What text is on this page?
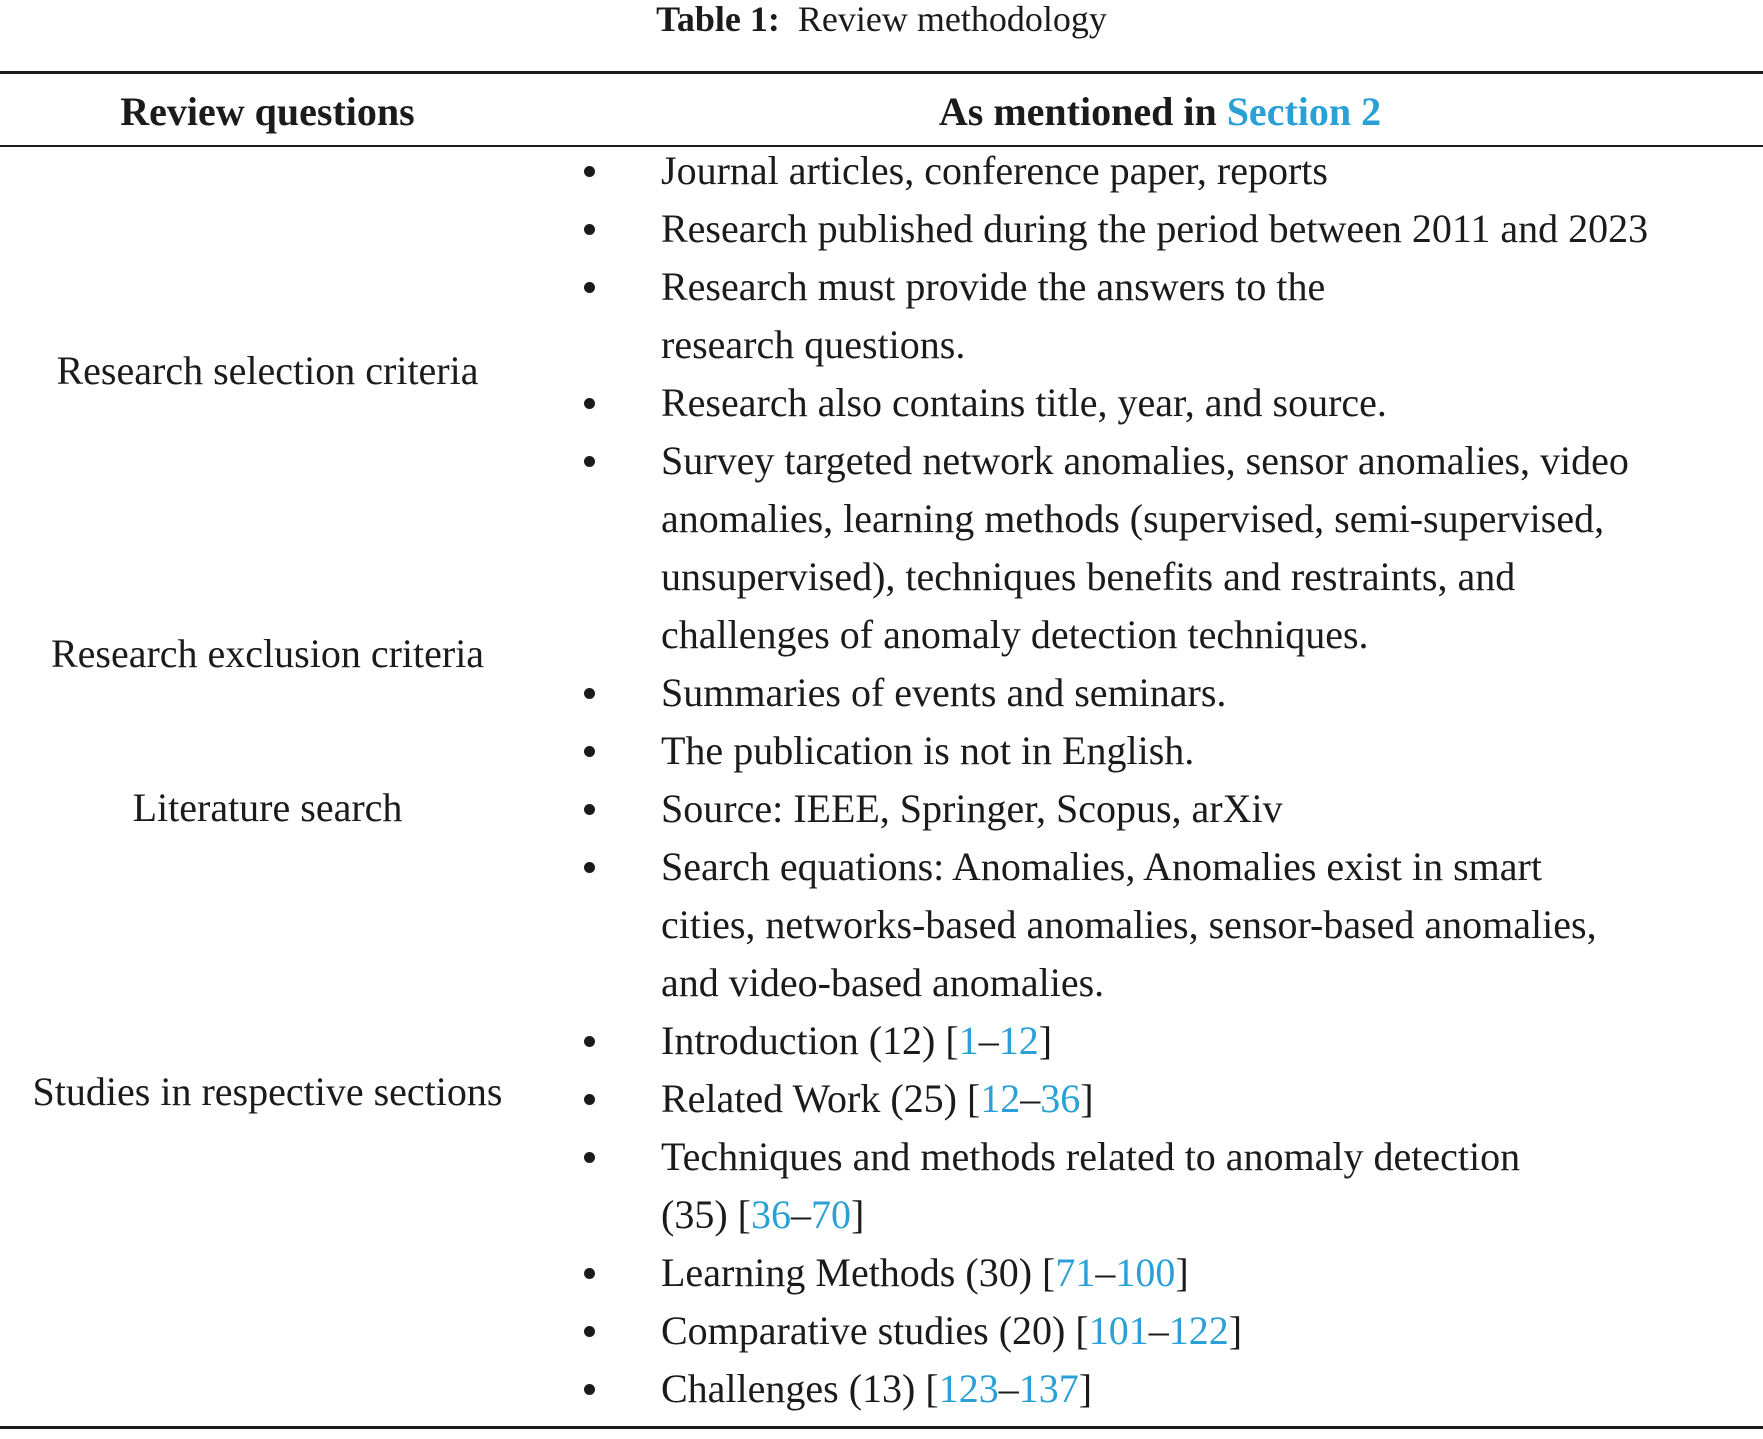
Table 1: Review methodology
Review questions	As mentioned in Section 2
Research selection criteria
Research exclusion criteria
Literature search
Studies in respective sections
Journal articles, conference paper, reports
Research published during the period between 2011 and 2023
Research must provide the answers to the
research questions.
Research also contains title, year, and source.
Survey targeted network anomalies, sensor anomalies, video
anomalies, learning methods (supervised, semi-supervised,
unsupervised), techniques benefits and restraints, and
challenges of anomaly detection techniques.
Summaries of events and seminars.
The publication is not in English.
Source: IEEE, Springer, Scopus, arXiv
Search equations: Anomalies, Anomalies exist in smart
cities, networks-based anomalies, sensor-based anomalies,
and video-based anomalies.
Introduction (12) [1–12]
Related Work (25) [12–36]
Techniques and methods related to anomaly detection
(35) [36–70]
Learning Methods (30) [71–100]
Comparative studies (20) [101–122]
Challenges (13) [123–137]
